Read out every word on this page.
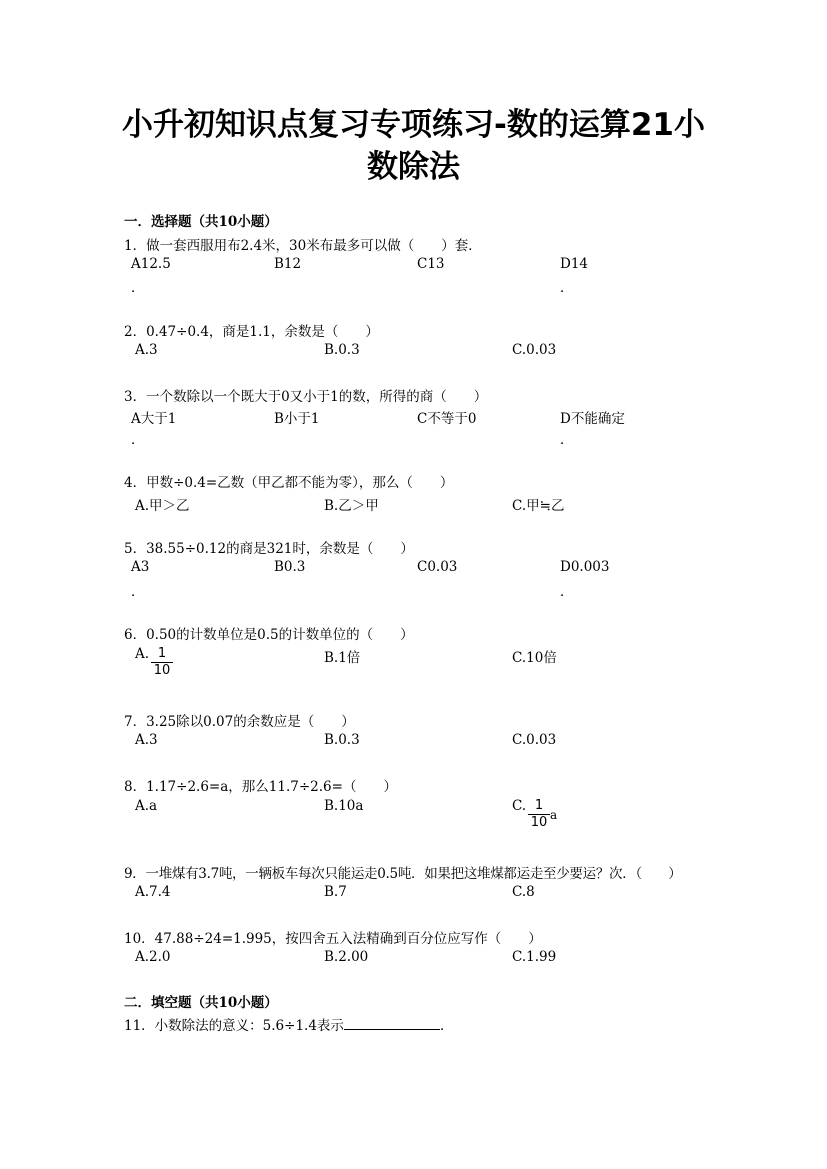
小升初知识点复习专项练习-数的运算21小
数除法
一．选择题（共10小题）
1．做一套西服用布2.4米，30米布最多可以做（　　）套．
A12.5	B12	C13	D14
．	．
2．0.47÷0.4，商是1.1，余数是（　　）
A.3	B.0.3	C.0.03
3．一个数除以一个既大于0又小于1的数，所得的商（　　）
A大于1	B小于1	C不等于0	D不能确定
．	．
4．甲数÷0.4=乙数（甲乙都不能为零），那么（　　）
A.甲＞乙	B.乙＞甲	C.甲≒乙
5．38.55÷0.12的商是321时，余数是（　　）
A3	B0.3	C0.03	D0.003
．	．
6．0.50的计数单位是0.5的计数单位的（　　）
A. 1
10
B.1倍	C.10倍
7．3.25除以0.07的余数应是（　　）
A.3	B.0.3	C.0.03
8．1.17÷2.6=a，那么11.7÷2.6=（　　）
A.a	B.10a	C. 1
10 a
9．一堆煤有3.7吨，一辆板车每次只能运走0.5吨．如果把这堆煤都运走至少要运？次．（　　）
A.7.4	B.7	C.8
10．47.88÷24=1.995，按四舍五入法精确到百分位应写作（　　）
A.2.0	B.2.00	C.1.99
二．填空题（共10小题）
11．小数除法的意义：5.6÷1.4表示	．
